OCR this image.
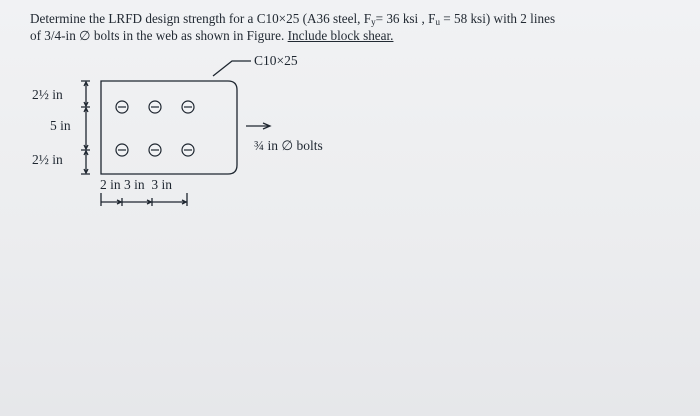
Determine the LRFD design strength for a C10×25 (A36 steel, $F_y= 36$ ksi , $F_u = 58$ ksi) with 2 lines
of 3/4-in ∅ bolts in the web as shown in Figure. Include block shear.
C10×25
¾ in ∅ bolts
2½ in
5 in
2½ in
2 in 3 in  3 in
